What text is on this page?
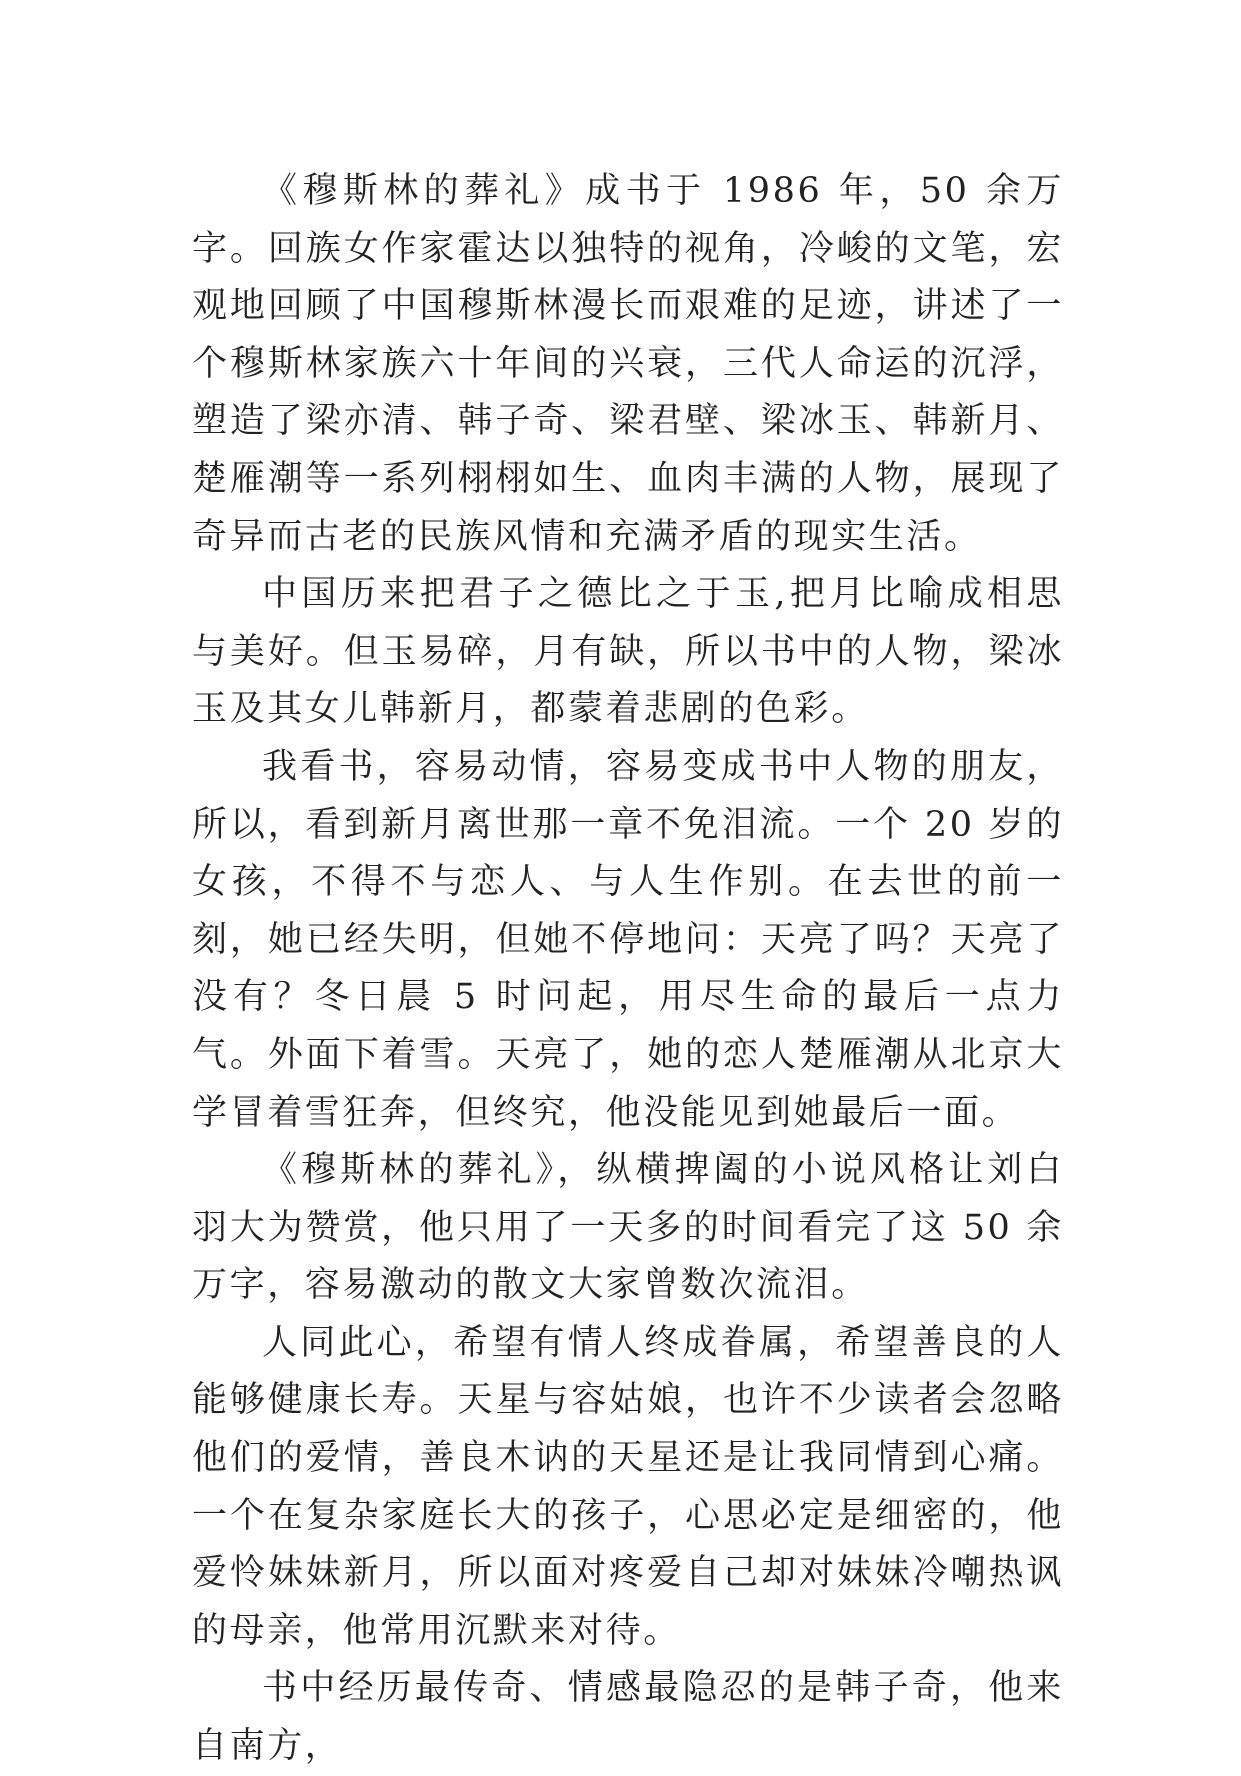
《穆斯林的葬礼》成书于 1986 年，50 余万字。回族女作家霍达以独特的视角，冷峻的文笔，宏观地回顾了中国穆斯林漫长而艰难的足迹，讲述了一个穆斯林家族六十年间的兴衰，三代人命运的沉浮，塑造了梁亦清、韩子奇、梁君壁、梁冰玉、韩新月、楚雁潮等一系列栩栩如生、血肉丰满的人物，展现了奇异而古老的民族风情和充满矛盾的现实生活。

中国历来把君子之德比之于玉,把月比喻成相思与美好。但玉易碎，月有缺，所以书中的人物，梁冰玉及其女儿韩新月，都蒙着悲剧的色彩。

我看书，容易动情，容易变成书中人物的朋友，所以，看到新月离世那一章不免泪流。一个 20 岁的女孩，不得不与恋人、与人生作别。在去世的前一刻，她已经失明，但她不停地问：天亮了吗？天亮了没有？冬日晨 5 时问起，用尽生命的最后一点力气。外面下着雪。天亮了，她的恋人楚雁潮从北京大学冒着雪狂奔，但终究，他没能见到她最后一面。

《穆斯林的葬礼》，纵横捭阖的小说风格让刘白羽大为赞赏，他只用了一天多的时间看完了这 50 余万字，容易激动的散文大家曾数次流泪。

人同此心，希望有情人终成眷属，希望善良的人能够健康长寿。天星与容姑娘，也许不少读者会忽略他们的爱情，善良木讷的天星还是让我同情到心痛。一个在复杂家庭长大的孩子，心思必定是细密的，他爱怜妹妹新月，所以面对疼爱自己却对妹妹冷嘲热讽的母亲，他常用沉默来对待。

书中经历最传奇、情感最隐忍的是韩子奇，他来自南方，
